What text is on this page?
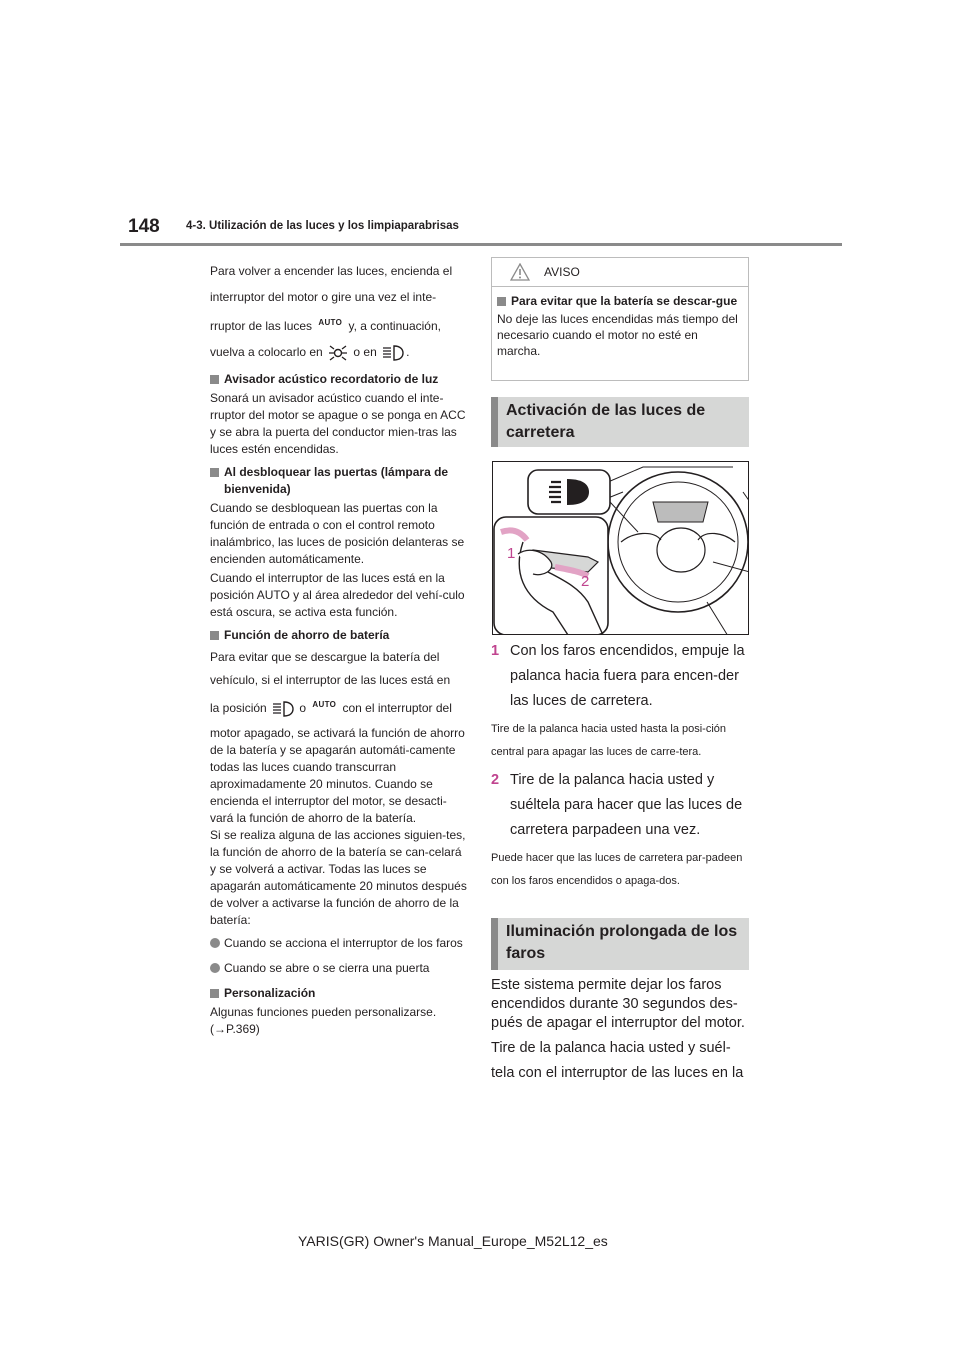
148 4-3. Utilización de las luces y los limpiaparabrisas

Para volver a encender las luces, encienda el interruptor del motor o gire una vez el inte- rruptor de las luces $^{AUTO}$ y, a continuación,
vuelva a colocarlo en	o en .

Avisador acústico recordatorio de luz

Sonará un avisador acústico cuando el inte-rruptor del motor se apague o se ponga en ACC y se abra la puerta del conductor mien-tras las luces estén encendidas.

Al desbloquear las puertas (lámpara de bienvenida)

Cuando se desbloquean las puertas con la función de entrada o con el control remoto inalámbrico, las luces de posición delanteras se encienden automáticamente.

Cuando el interruptor de las luces está en la posición AUTO y al área alrededor del vehí-culo está oscura, se activa esta función.

Función de ahorro de batería

Para evitar que se descargue la batería del vehículo, si el interruptor de las luces está en

la posición	o $^{AUTO}$ con el interruptor del

motor apagado, se activará la función de ahorro de la batería y se apagarán automáti-camente todas las luces cuando transcurran aproximadamente 20 minutos. Cuando se encienda el interruptor del motor, se desacti-vará la función de ahorro de la batería.

Si se realiza alguna de las acciones siguien-tes, la función de ahorro de la batería se can-celará y se volverá a activar. Todas las luces se apagarán automáticamente 20 minutos después de volver a activarse la función de ahorro de la batería:

Cuando se acciona el interruptor de los faros
Cuando se abre o se cierra una puerta
Personalización

Algunas funciones pueden personalizarse. (→P.369)

AVISO
Para evitar que la batería se descar-gue
No deje las luces encendidas más tiempo del necesario cuando el motor no esté en marcha.
Activación de las luces de carretera
1
2
1 Con los faros encendidos, empuje la palanca hacia fuera para encen-der las luces de carretera.
Tire de la palanca hacia usted hasta la posi-ción central para apagar las luces de carre-tera.
2 Tire de la palanca hacia usted y suéltela para hacer que las luces de carretera parpadeen una vez.
Puede hacer que las luces de carretera par-padeen con los faros encendidos o apaga-dos.
Iluminación prolongada de los faros
Este sistema permite dejar los faros encendidos durante 30 segundos des-pués de apagar el interruptor del motor.
Tire de la palanca hacia usted y suél-tela con el interruptor de las luces en la
YARIS(GR) Owner's Manual_Europe_M52L12_es
